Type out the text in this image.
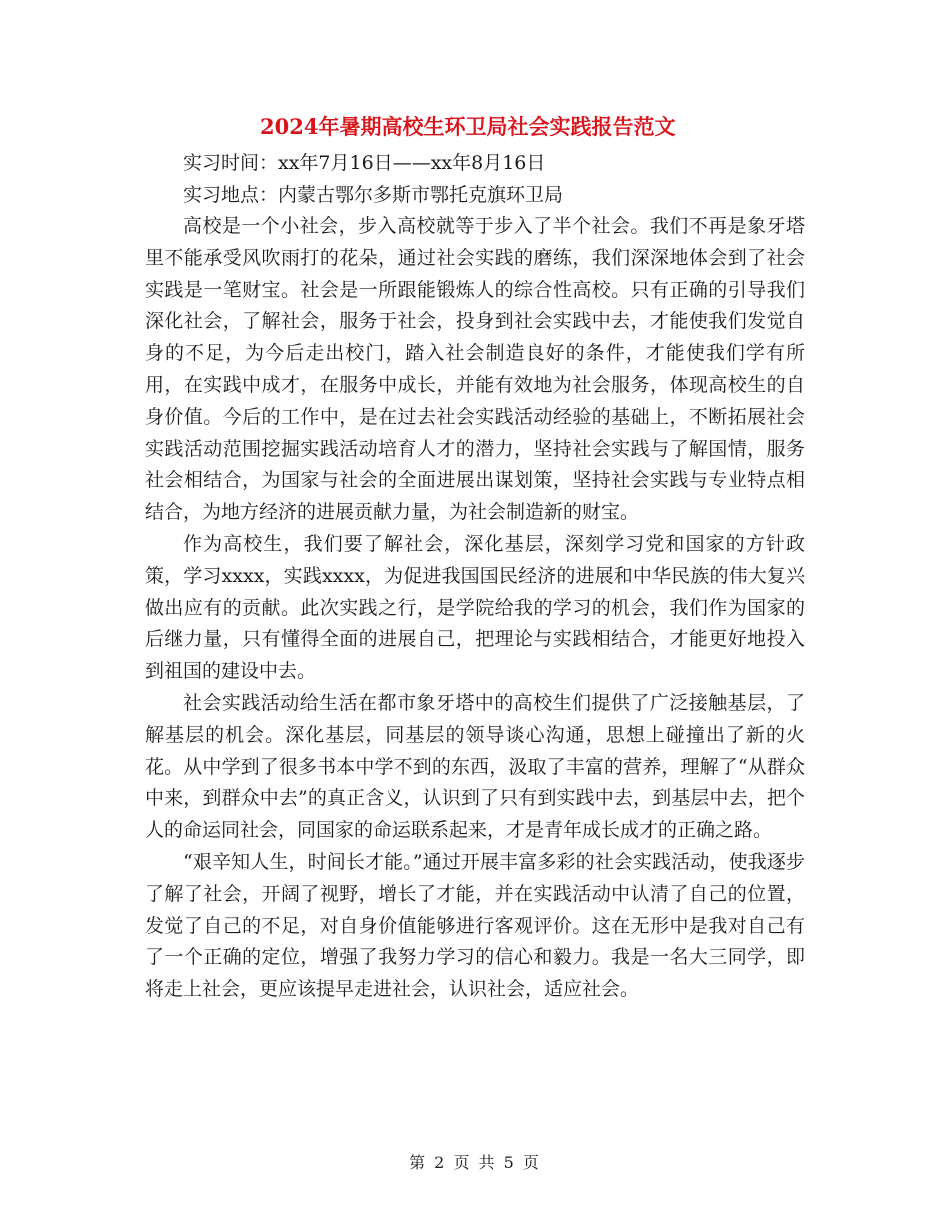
2024年暑期高校生环卫局社会实践报告范文

实习时间：xx年7月16日——xx年8月16日

实习地点：内蒙古鄂尔多斯市鄂托克旗环卫局

高校是一个小社会，步入高校就等于步入了半个社会。我们不再是象牙塔里不能承受风吹雨打的花朵，通过社会实践的磨练，我们深深地体会到了社会实践是一笔财宝。社会是一所跟能锻炼人的综合性高校。只有正确的引导我们深化社会，了解社会，服务于社会，投身到社会实践中去，才能使我们发觉自身的不足，为今后走出校门，踏入社会制造良好的条件，才能使我们学有所用，在实践中成才，在服务中成长，并能有效地为社会服务，体现高校生的自身价值。今后的工作中，是在过去社会实践活动经验的基础上，不断拓展社会实践活动范围挖掘实践活动培育人才的潜力，坚持社会实践与了解国情，服务社会相结合，为国家与社会的全面进展出谋划策，坚持社会实践与专业特点相结合，为地方经济的进展贡献力量，为社会制造新的财宝。

作为高校生，我们要了解社会，深化基层，深刻学习党和国家的方针政策，学习xxxx，实践xxxx，为促进我国国民经济的进展和中华民族的伟大复兴做出应有的贡献。此次实践之行，是学院给我的学习的机会，我们作为国家的后继力量，只有懂得全面的进展自己，把理论与实践相结合，才能更好地投入到祖国的建设中去。

社会实践活动给生活在都市象牙塔中的高校生们提供了广泛接触基层，了解基层的机会。深化基层，同基层的领导谈心沟通，思想上碰撞出了新的火花。从中学到了很多书本中学不到的东西，汲取了丰富的营养，理解了“从群众中来，到群众中去”的真正含义，认识到了只有到实践中去，到基层中去，把个人的命运同社会，同国家的命运联系起来，才是青年成长成才的正确之路。

“艰辛知人生，时间长才能。”通过开展丰富多彩的社会实践活动，使我逐步了解了社会，开阔了视野，增长了才能，并在实践活动中认清了自己的位置，发觉了自己的不足，对自身价值能够进行客观评价。这在无形中是我对自己有了一个正确的定位，增强了我努力学习的信心和毅力。我是一名大三同学，即将走上社会，更应该提早走进社会，认识社会，适应社会。

第 2 页 共 5 页
